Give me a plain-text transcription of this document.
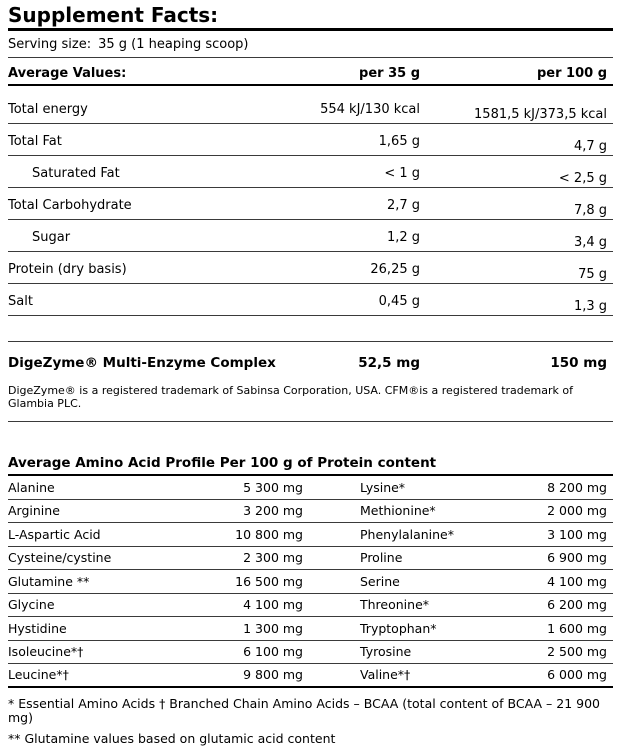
Supplement Facts:
Serving size: 35 g (1 heaping scoop)
Average Values:	per 35 g	per 100 g
Total energy	554 kJ/130 kcal	1581,5 kJ/373,5 kcal
Total Fat	1,65 g	4,7 g
Saturated Fat	< 1 g	< 2,5 g
Total Carbohydrate	2,7 g	7,8 g
Sugar	1,2 g	3,4 g
Protein (dry basis)	26,25 g	75 g
Salt	0,45 g	1,3 g
DigeZyme® Multi-Enzyme Complex	52,5 mg	150 mg
DigeZyme® is a registered trademark of Sabinsa Corporation, USA. CFM®is a registered trademark of Glambia PLC.
Average Amino Acid Profile Per 100 g of Protein content
Alanine	5 300 mg	Lysine*	8 200 mg
Arginine	3 200 mg	Methionine*	2 000 mg
L-Aspartic Acid	10 800 mg	Phenylalanine*	3 100 mg
Cysteine/cystine	2 300 mg	Proline	6 900 mg
Glutamine **	16 500 mg	Serine	4 100 mg
Glycine	4 100 mg	Threonine*	6 200 mg
Hystidine	1 300 mg	Tryptophan*	1 600 mg
Isoleucine*†	6 100 mg	Tyrosine	2 500 mg
Leucine*†	9 800 mg	Valine*†	6 000 mg
* Essential Amino Acids † Branched Chain Amino Acids – BCAA (total content of BCAA – 21 900 mg)
** Glutamine values based on glutamic acid content
